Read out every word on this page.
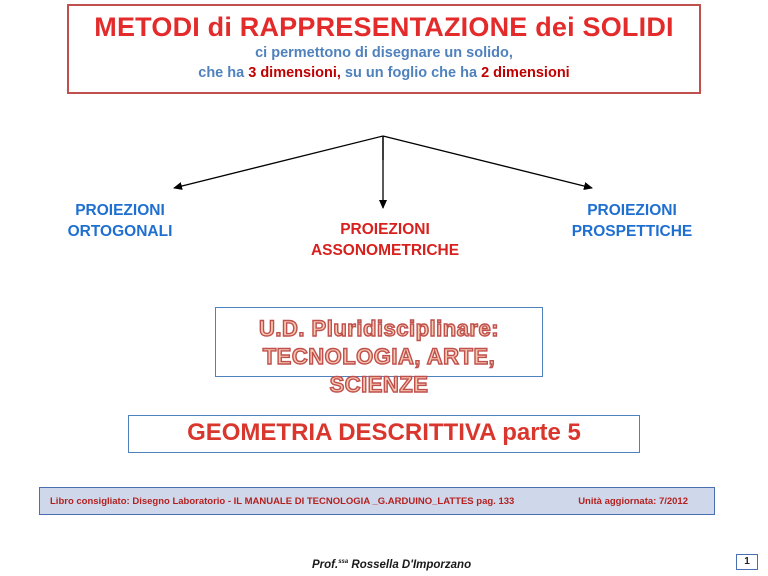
METODI di RAPPRESENTAZIONE dei SOLIDI
ci permettono di disegnare un solido,
che ha 3 dimensioni, su un foglio che ha 2 dimensioni
PROIEZIONI
ORTOGONALI	PROIEZIONI
ASSONOMETRICHE
PROIEZIONI
PROSPETTICHE
U.D. Pluridisciplinare:
TECNOLOGIA, ARTE, SCIENZE
GEOMETRIA DESCRITTIVA parte 5
Libro consigliato: Disegno Laboratorio - IL MANUALE DI TECNOLOGIA _G.ARDUINO_LATTES pag. 133	Unità aggiornata: 7/2012
Prof.$^{ssa}$ Rossella D'Imporzano	1
